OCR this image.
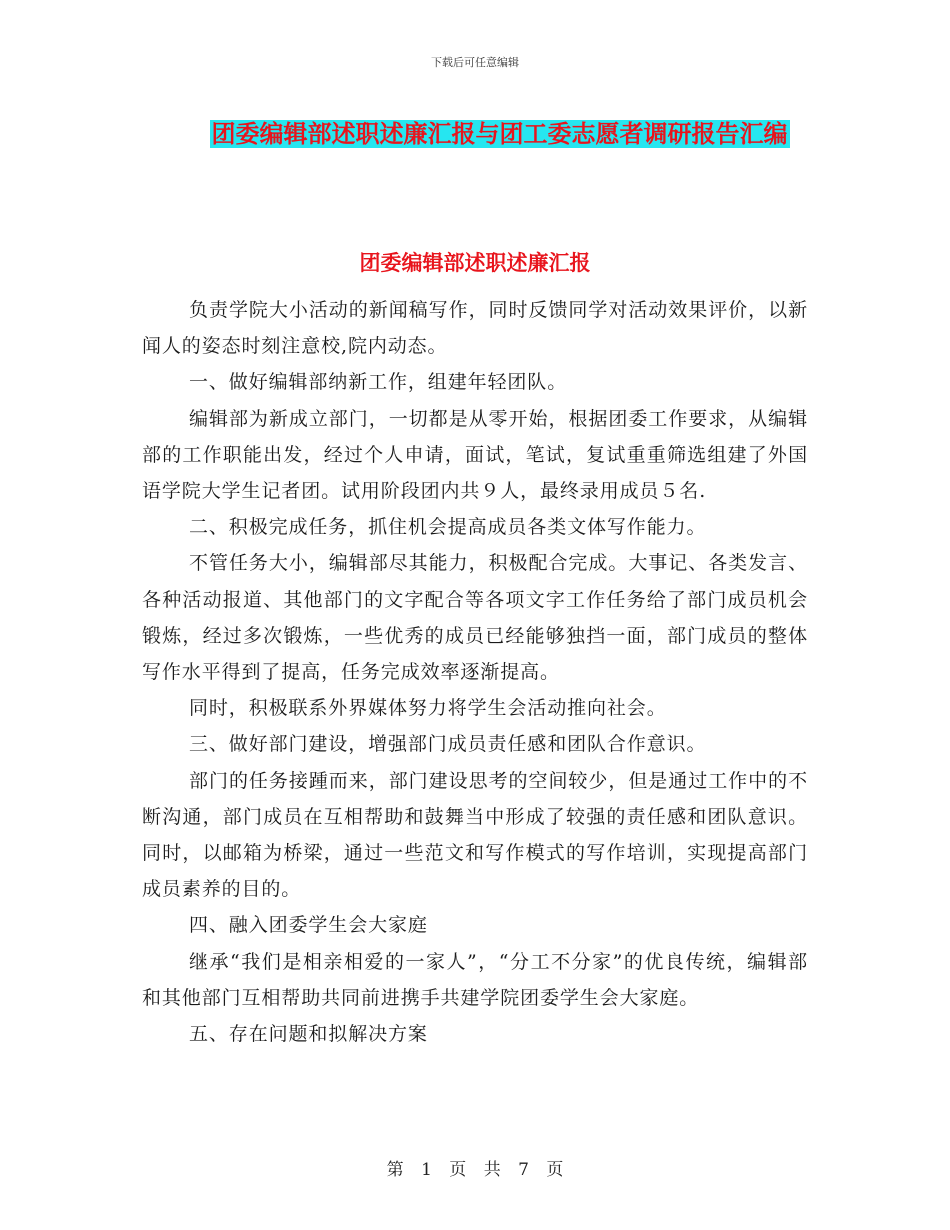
下载后可任意编辑
团委编辑部述职述廉汇报与团工委志愿者调研报告汇编
团委编辑部述职述廉汇报

负责学院大小活动的新闻稿写作，同时反馈同学对活动效果评价，以新闻人的姿态时刻注意校,院内动态。

一、做好编辑部纳新工作，组建年轻团队。

编辑部为新成立部门，一切都是从零开始，根据团委工作要求，从编辑部的工作职能出发，经过个人申请，面试，笔试，复试重重筛选组建了外国语学院大学生记者团。试用阶段团内共９人，最终录用成员５名.

二、积极完成任务，抓住机会提高成员各类文体写作能力。

不管任务大小，编辑部尽其能力，积极配合完成。大事记、各类发言、各种活动报道、其他部门的文字配合等各项文字工作任务给了部门成员机会锻炼，经过多次锻炼，一些优秀的成员已经能够独挡一面，部门成员的整体写作水平得到了提高，任务完成效率逐渐提高。

同时，积极联系外界媒体努力将学生会活动推向社会。

三、做好部门建设，增强部门成员责任感和团队合作意识。

部门的任务接踵而来，部门建设思考的空间较少，但是通过工作中的不断沟通，部门成员在互相帮助和鼓舞当中形成了较强的责任感和团队意识。同时，以邮箱为桥梁，通过一些范文和写作模式的写作培训，实现提高部门成员素养的目的。

四、融入团委学生会大家庭

继承“我们是相亲相爱的一家人”，“分工不分家”的优良传统，编辑部和其他部门互相帮助共同前进携手共建学院团委学生会大家庭。

五、存在问题和拟解决方案

第 1 页 共 7 页
